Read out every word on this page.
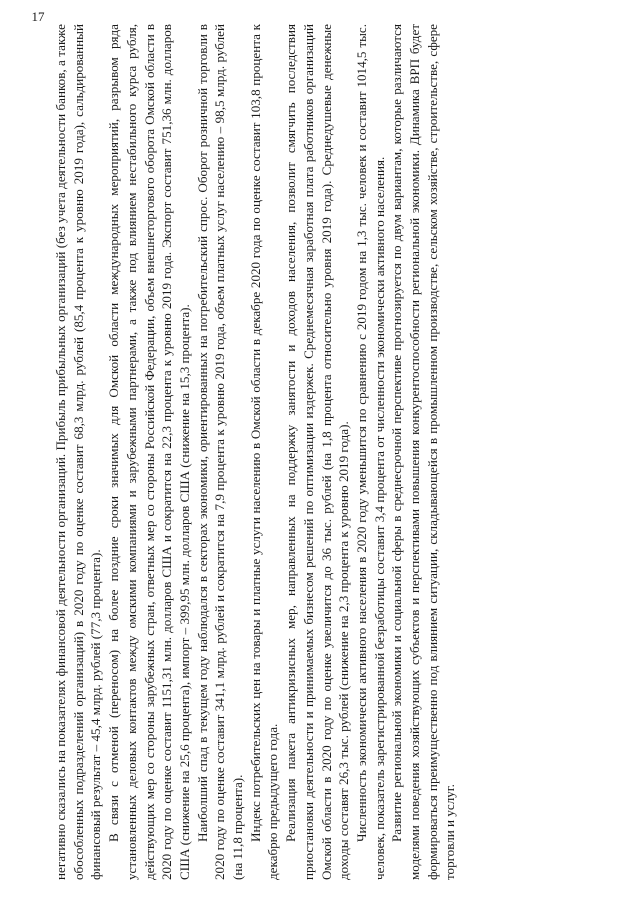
17

негативно сказались на показателях финансовой деятельности организаций. Прибыль прибыльных организаций (без учета деятельности банков, а также обособленных подразделений организаций) в 2020 году по оценке составит 68,3 млрд. рублей (85,4 процента к уровню 2019 года), сальдированный финансовый результат – 45,4 млрд. рублей (77,3 процента). В связи с отменой (переносом) на более поздние сроки значимых для Омской области международных мероприятий, разрывом ряда установленных деловых контактов между омскими компаниями и зарубежными партнерами, а также под влиянием нестабильного курса рубля, действующих мер со стороны зарубежных стран, ответных мер со стороны Российской Федерации, объем внешнеторгового оборота Омской области в 2020 году по оценке составит 1151,31 млн. долларов США и сократится на 22,3 процента к уровню 2019 года. Экспорт составит 751,36 млн. долларов США (снижение на 25,6 процента), импорт – 399,95 млн. долларов США (снижение на 15,3 процента). Наиболший спад в текущем году наблюдался в секторах экономики, ориентированных на потребительский спрос. Оборот розничной торговли в 2020 году по оценке составит 341,1 млрд. рублей и сократится на 7,9 процента к уровню 2019 года, объем платных услуг населению – 98,5 млрд. рублей (на 11,8 процента). Индекс потребительских цен на товары и платные услуги населению в Омской области в декабре 2020 года по оценке составит 103,8 процента к декабрю предыдущего года. Реализация пакета антикризисных мер, направленных на поддержку занятости и доходов населения, позволит смягчить последствия приостановки деятельности и принимаемых бизнесом решений по оптимизации издержек. Среднемесячная заработная плата работников организаций Омской области в 2020 году по оценке увеличится до 36 тыс. рублей (на 1,8 процента относительно уровня 2019 года). Среднедушевые денежные доходы составят 26,3 тыс. рублей (снижение на 2,3 процента к уровню 2019 года). Численность экономически активного населения в 2020 году уменьшится по сравнению с 2019 годом на 1,3 тыс. человек и составит 1014,5 тыс. человек, показатель зарегистрированной безработицы составит 3,4 процента от численности экономически активного населения. Развитие региональной экономики и социальной сферы в среднесрочной перспективе прогнозируется по двум вариантам, которые различаются моделями поведения хозяйствующих субъектов и перспективами повышения конкурентоспособности региональной экономики. Динамика ВРП будет формироваться преимущественно под влиянием ситуации, складывающейся в промышленном производстве, сельском хозяйстве, строительстве, сфере торговли и услуг.
